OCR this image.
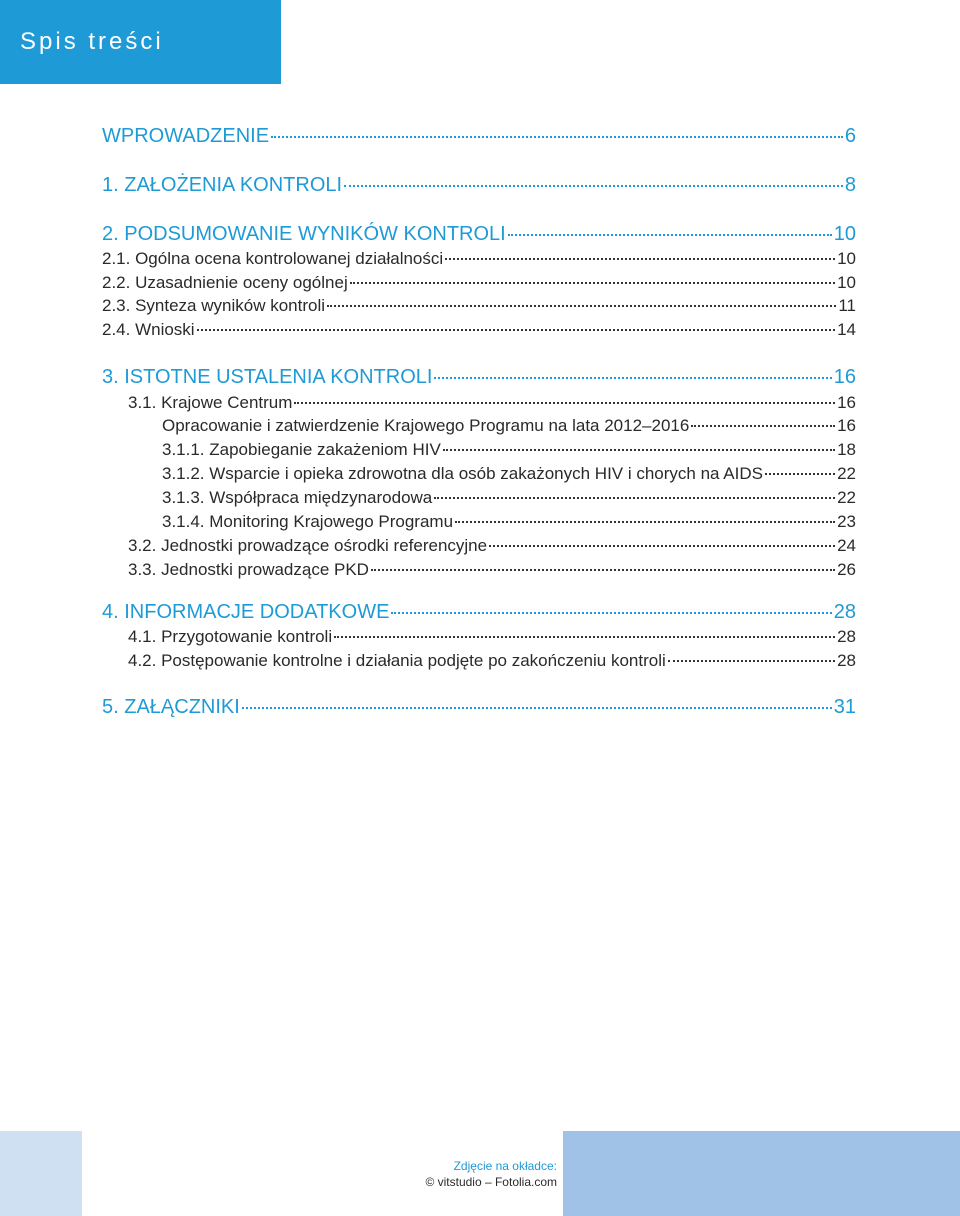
Spis treści
WPROWADZENIE	6
1. ZAŁOŻENIA KONTROLI	8
2. PODSUMOWANIE WYNIKÓW KONTROLI	10
2.1. Ogólna ocena kontrolowanej działalności	10
2.2. Uzasadnienie oceny ogólnej	10
2.3. Synteza wyników kontroli	11
2.4. Wnioski	14
3. ISTOTNE USTALENIA KONTROLI	16
3.1. Krajowe Centrum	16
Opracowanie i zatwierdzenie Krajowego Programu na lata 2012–2016	16
3.1.1. Zapobieganie zakażeniom HIV	18
3.1.2. Wsparcie i opieka zdrowotna dla osób zakażonych HIV i chorych na AIDS	22
3.1.3. Współpraca międzynarodowa	22
3.1.4. Monitoring Krajowego Programu	23
3.2. Jednostki prowadzące ośrodki referencyjne	24
3.3. Jednostki prowadzące PKD	26
4. INFORMACJE DODATKOWE	28
4.1. Przygotowanie kontroli	28
4.2. Postępowanie kontrolne i działania podjęte po zakończeniu kontroli	28
5. ZAŁĄCZNIKI	31
Zdjęcie na okładce:
© vitstudio – Fotolia.com
